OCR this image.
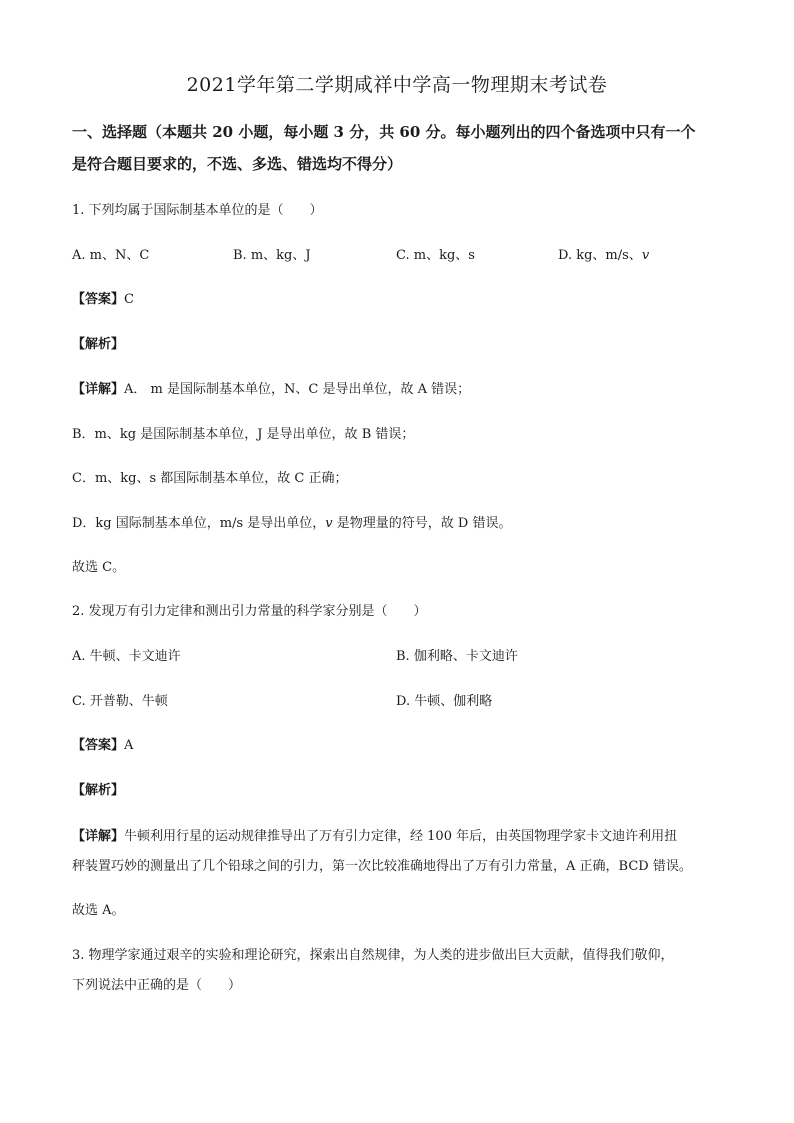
2021学年第二学期咸祥中学高一物理期末考试卷
一、选择题（本题共 20 小题，每小题 3 分，共 60 分。每小题列出的四个备选项中只有一个
是符合题目要求的，不选、多选、错选均不得分）
1. 下列均属于国际制基本单位的是（　　）
A. m、N、C	B. m、kg、J	C. m、kg、s	D. kg、m/s、v
【答案】C
【解析】
【详解】A． m 是国际制基本单位，N、C 是导出单位，故 A 错误；
B．m、kg 是国际制基本单位，J 是导出单位，故 B 错误；
C．m、kg、s 都国际制基本单位，故 C 正确；
D．kg 国际制基本单位，m/s 是导出单位，v 是物理量的符号，故 D 错误。
故选 C。
2. 发现万有引力定律和测出引力常量的科学家分别是（　　）
A. 牛顿、卡文迪许	B. 伽利略、卡文迪许
C. 开普勒、牛顿	D. 牛顿、伽利略
【答案】A
【解析】
【详解】牛顿利用行星的运动规律推导出了万有引力定律，经 100 年后，由英国物理学家卡文迪许利用扭
秤装置巧妙的测量出了几个铅球之间的引力，第一次比较准确地得出了万有引力常量，A 正确，BCD 错误。
故选 A。
3. 物理学家通过艰辛的实验和理论研究，探索出自然规律，为人类的进步做出巨大贡献，值得我们敬仰，
下列说法中正确的是（　　）
